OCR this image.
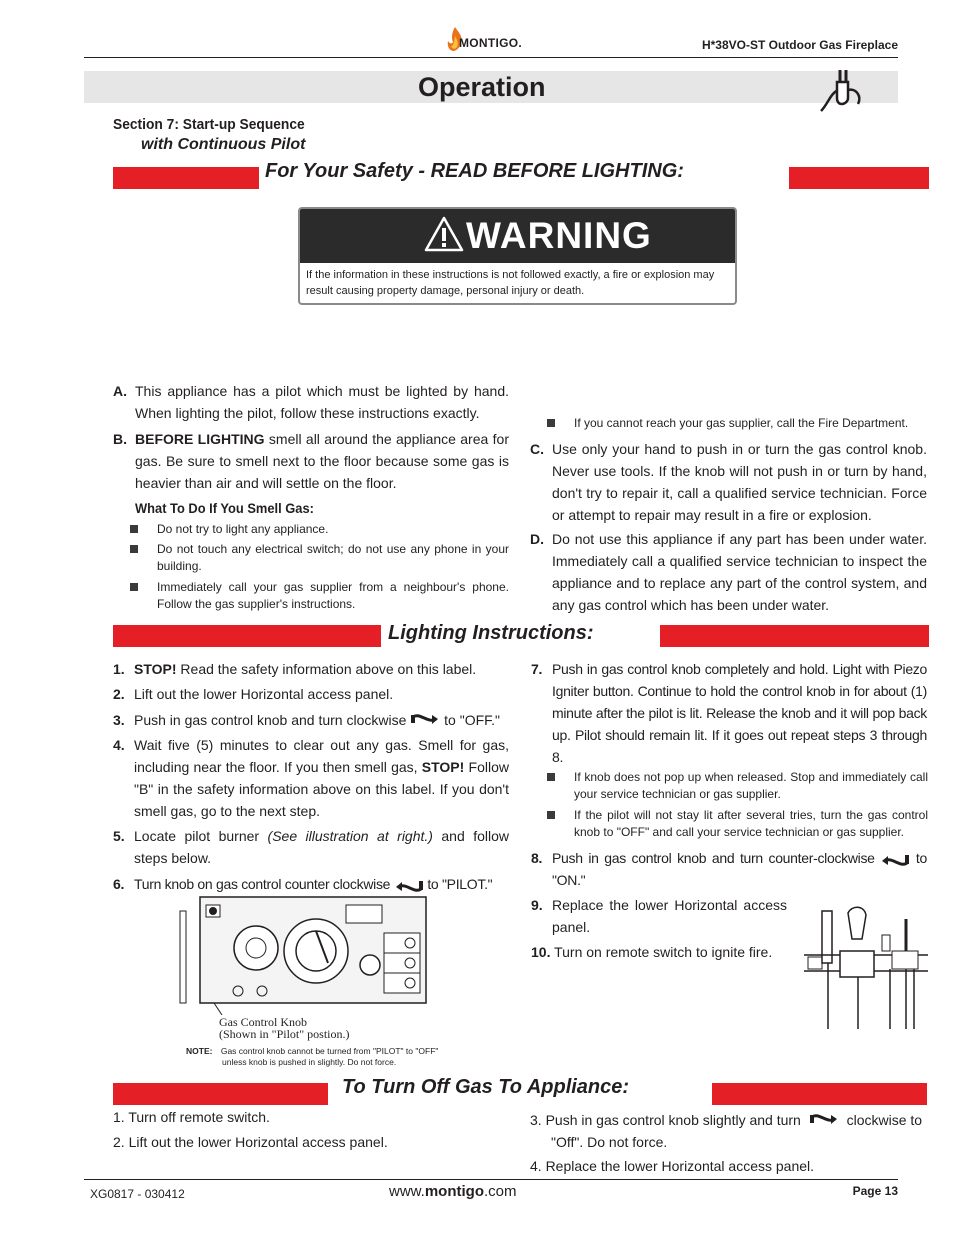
MONTIGO.	H*38VO-ST Outdoor Gas Fireplace
Operation
Section 7: Start-up Sequence
with Continuous Pilot
For Your Safety - READ BEFORE LIGHTING:
WARNING
If the information in these instructions is not followed exactly, a fire or explosion may result causing property damage, personal injury or death.
A. This appliance has a pilot which must be lighted by hand. When lighting the pilot, follow these instructions exactly.
B. BEFORE LIGHTING smell all around the appliance area for gas. Be sure to smell next to the floor because some gas is heavier than air and will settle on the floor.
What To Do If You Smell Gas:
Do not try to light any appliance.
Do not touch any electrical switch; do not use any phone in your building.
Immediately call your gas supplier from a neighbour's phone. Follow the gas supplier's instructions.
If you cannot reach your gas supplier, call the Fire Department.
C. Use only your hand to push in or turn the gas control knob. Never use tools. If the knob will not push in or turn by hand, don't try to repair it, call a qualified service technician. Force or attempt to repair may result in a fire or explosion.
D. Do not use this appliance if any part has been under water. Immediately call a qualified service technician to inspect the appliance and to replace any part of the control system, and any gas control which has been under water.
Lighting Instructions:
1. STOP! Read the safety information above on this label.
2. Lift out the lower Horizontal access panel.
3. Push in gas control knob and turn clockwise  to "OFF."
4. Wait five (5) minutes to clear out any gas. Smell for gas, including near the floor. If you then smell gas, STOP! Follow "B" in the safety information above on this label. If you don't smell gas, go to the next step.
5. Locate pilot burner (See illustration at right.) and follow steps below.
6. Turn knob on gas control counter clockwise  to "PILOT."
Gas Control Knob
(Shown in "Pilot" postion.)
NOTE: Gas control knob cannot be turned from "PILOT" to "OFF"
unless knob is pushed in slightly. Do not force.
7. Push in gas control knob completely and hold. Light with Piezo Igniter button. Continue to hold the control knob in for about (1) minute after the pilot is lit. Release the knob and it will pop back up. Pilot should remain lit. If it goes out repeat steps 3 through 8.
If knob does not pop up when released. Stop and immediately call your service technician or gas supplier.
If the pilot will not stay lit after several tries, turn the gas control knob to "OFF" and call your service technician or gas supplier.
8. Push in gas control knob and turn counter-clockwise	to "ON."
9. Replace the lower Horizontal access panel.
10. Turn on remote switch to ignite fire.
To Turn Off Gas To Appliance:
1. Turn off remote switch.
2. Lift out the lower Horizontal access panel.
3. Push in gas control knob slightly and turn	clockwise to
"Off". Do not force.
4. Replace the lower Horizontal access panel.
XG0817 - 030412	www.montigo.com	Page 13
